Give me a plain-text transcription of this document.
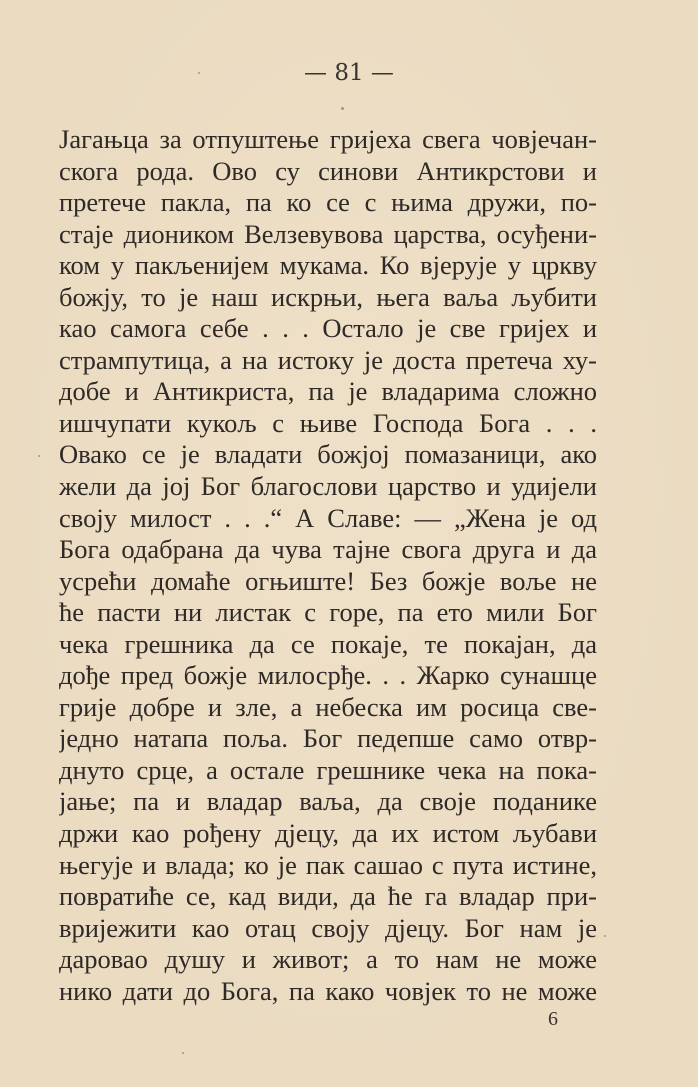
— 81 —
Јагањца за отпуштење гријеха свега човјечан-
скога рода. Ово су синови Антикрстови и
претече пакла, па ко се с њима дружи, по-
стаје диоником Велзевувова царства, осуђени-
ком у пакљенијем мукама. Ко вјерује у цркву
божју, то је наш искрњи, њега ваља љубити
као самога себе . . . Остало је све гријех и
стрампутица, а на истоку је доста претеча ху-
добе и Антикриста, па је владарима сложно
ишчупати кукољ с њиве Господа Бога . . .
Овако се је владати божјој помазаници, ако
жели да јој Бог благослови царство и удијели
своју милост . . .“ А Славе: — „Жена је од
Бога одабрана да чува тајне свога друга и да
усрећи домаће огњиште! Без божје воље не
ће пасти ни листак с горе, па ето мили Бог
чека грешника да се покаје, те покајан, да
дође пред божје милосрђе. . . Жарко сунашце
грије добре и зле, а небеска им росица све-
једно натапа поља. Бог педепше само отвр-
днуто срце, а остале грешнике чека на пока-
јање; па и владар ваља, да своје поданике
држи као рођену дјецу, да их истом љубави
његује и влада; ко је пак сашао с пута истине,
повратиће се, кад види, да ће га владар при-
вријежити као отац своју дјецу. Бог нам је
даровао душу и живот; а то нам не може
нико дати до Бога, па како човјек то не може
6
